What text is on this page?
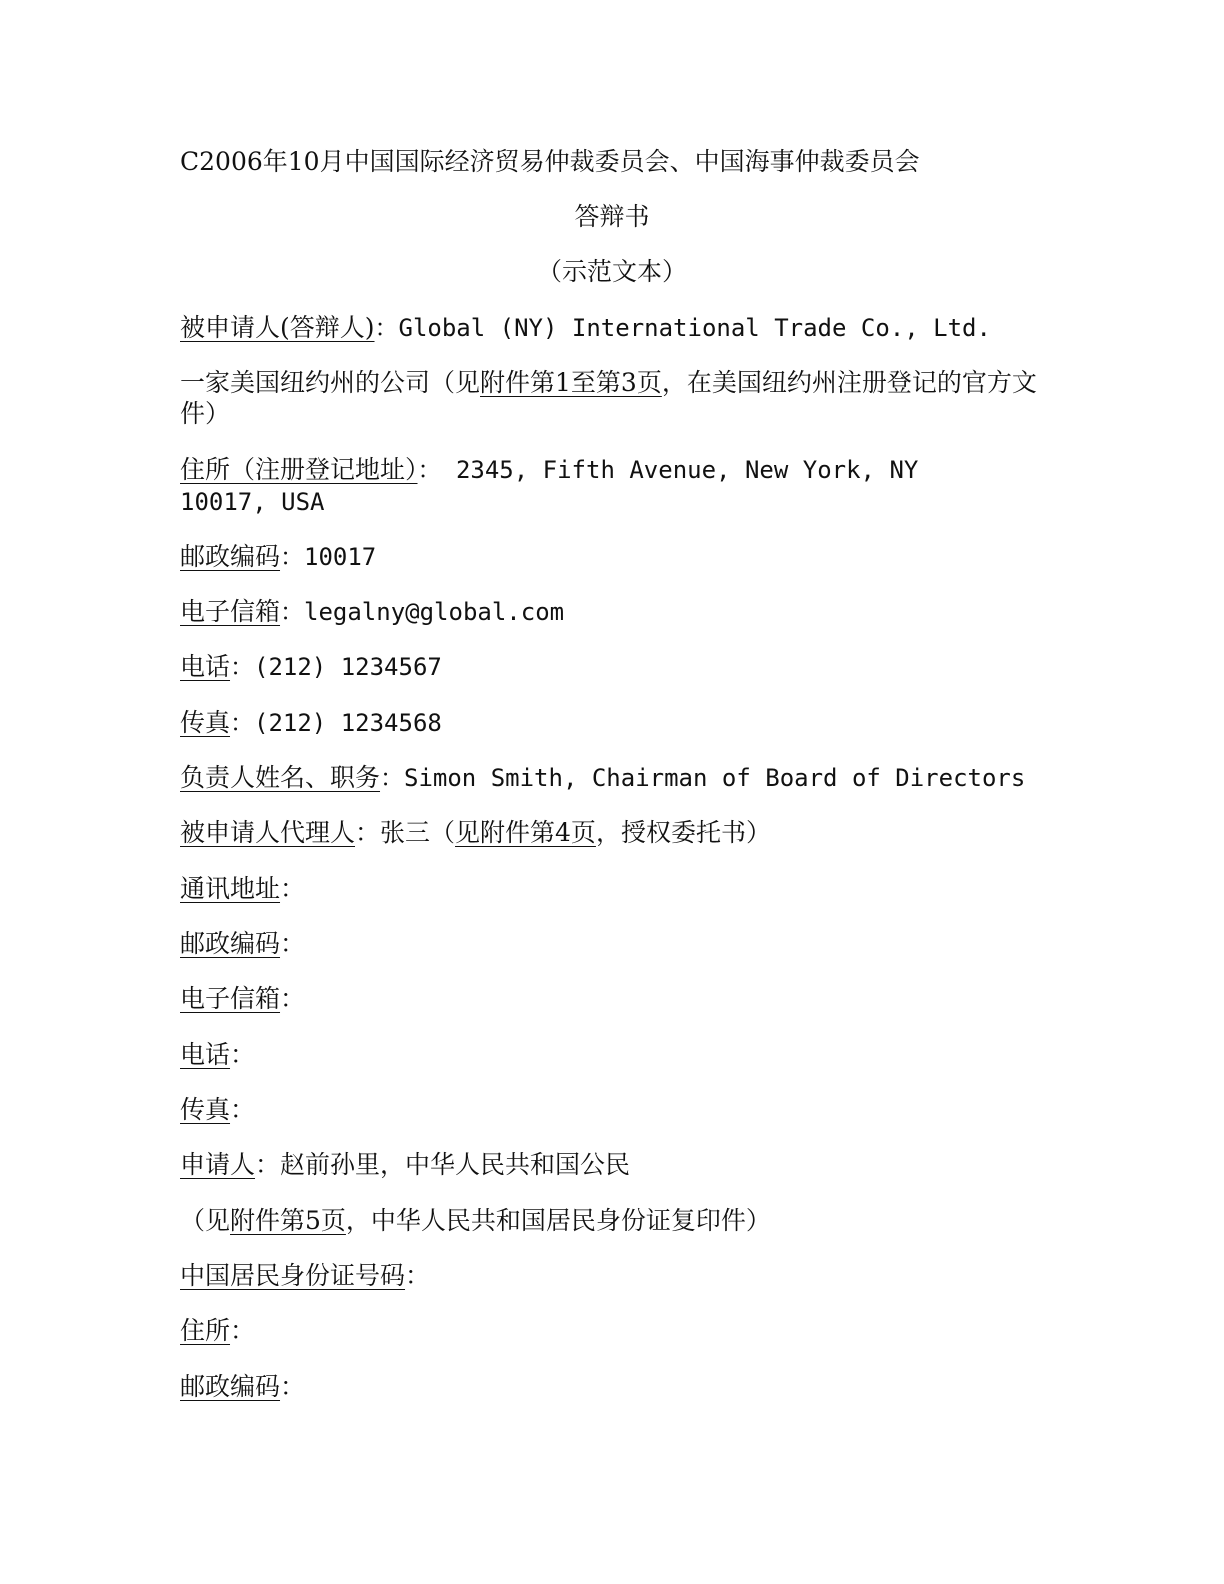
C2006年10月中国国际经济贸易仲裁委员会、中国海事仲裁委员会
答辩书
（示范文本）
被申请人(答辩人)：Global (NY) International Trade Co., Ltd.
一家美国纽约州的公司（见附件第1至第3页，在美国纽约州注册登记的官方文件）
住所（注册登记地址）： 2345, Fifth Avenue, New York, NY 10017, USA
邮政编码：10017
电子信箱：legalny@global.com
电话：(212) 1234567
传真：(212) 1234568
负责人姓名、职务：Simon Smith, Chairman of Board of Directors
被申请人代理人：张三（见附件第4页，授权委托书）
通讯地址：
邮政编码：
电子信箱：
电话：
传真：
申请人：赵前孙里，中华人民共和国公民
（见附件第5页，中华人民共和国居民身份证复印件）
中国居民身份证号码：
住所：
邮政编码：
